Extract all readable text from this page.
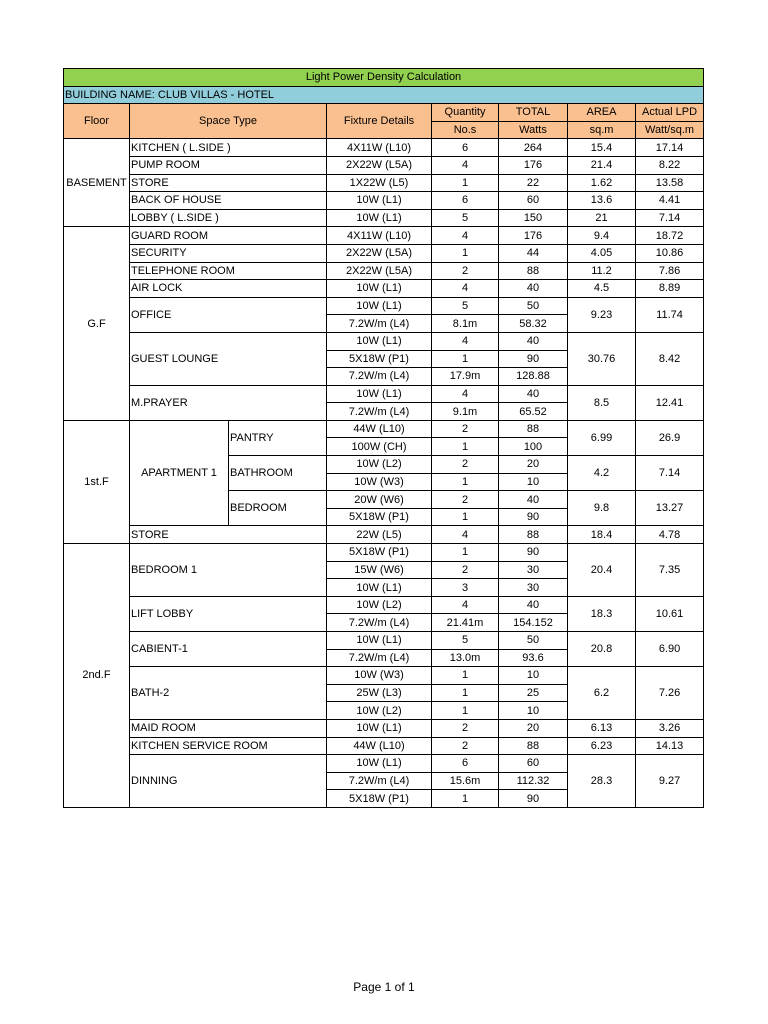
Light Power Density Calculation							
BUILDING NAME: CLUB VILLAS - HOTEL							
Floor	Space Type		Fixture Details	Quantity	TOTAL	AREA	Actual LPD
				No.s	Watts	sq.m	Watt/sq.m
BASEMENT	KITCHEN ( L.SIDE )		4X11W (L10)	6	264	15.4	17.14
	PUMP ROOM		2X22W (L5A)	4	176	21.4	8.22
	STORE		1X22W (L5)	1	22	1.62	13.58
	BACK OF HOUSE		10W (L1)	6	60	13.6	4.41
	LOBBY ( L.SIDE )		10W (L1)	5	150	21	7.14
G.F	GUARD ROOM		4X11W (L10)	4	176	9.4	18.72
	SECURITY		2X22W (L5A)	1	44	4.05	10.86
	TELEPHONE ROOM		2X22W (L5A)	2	88	11.2	7.86
	AIR LOCK		10W (L1)	4	40	4.5	8.89
	OFFICE		10W (L1)	5	50	9.23	11.74
			7.2W/m (L4)	8.1m	58.32		
	GUEST LOUNGE		10W (L1)	4	40	30.76	8.42
			5X18W (P1)	1	90		
			7.2W/m (L4)	17.9m	128.88		
	M.PRAYER		10W (L1)	4	40	8.5	12.41
			7.2W/m (L4)	9.1m	65.52		
1st.F	APARTMENT 1	PANTRY	44W (L10)	2	88	6.99	26.9
			100W (CH)	1	100		
		BATHROOM	10W (L2)	2	20	4.2	7.14
			10W (W3)	1	10		
		BEDROOM	20W (W6)	2	40	9.8	13.27
			5X18W (P1)	1	90		
	STORE		22W (L5)	4	88	18.4	4.78
2nd.F	BEDROOM 1		5X18W (P1)	1	90	20.4	7.35
			15W (W6)	2	30		
			10W (L1)	3	30		
	LIFT LOBBY		10W (L2)	4	40	18.3	10.61
			7.2W/m (L4)	21.41m	154.152		
	CABIENT-1		10W (L1)	5	50	20.8	6.90
			7.2W/m (L4)	13.0m	93.6		
	BATH-2		10W (W3)	1	10	6.2	7.26
			25W (L3)	1	25		
			10W (L2)	1	10		
	MAID ROOM		10W (L1)	2	20	6.13	3.26
	KITCHEN SERVICE ROOM		44W (L10)	2	88	6.23	14.13
	DINNING		10W (L1)	6	60	28.3	9.27
			7.2W/m (L4)	15.6m	112.32		
			5X18W (P1)	1	90		
Page 1 of 1
